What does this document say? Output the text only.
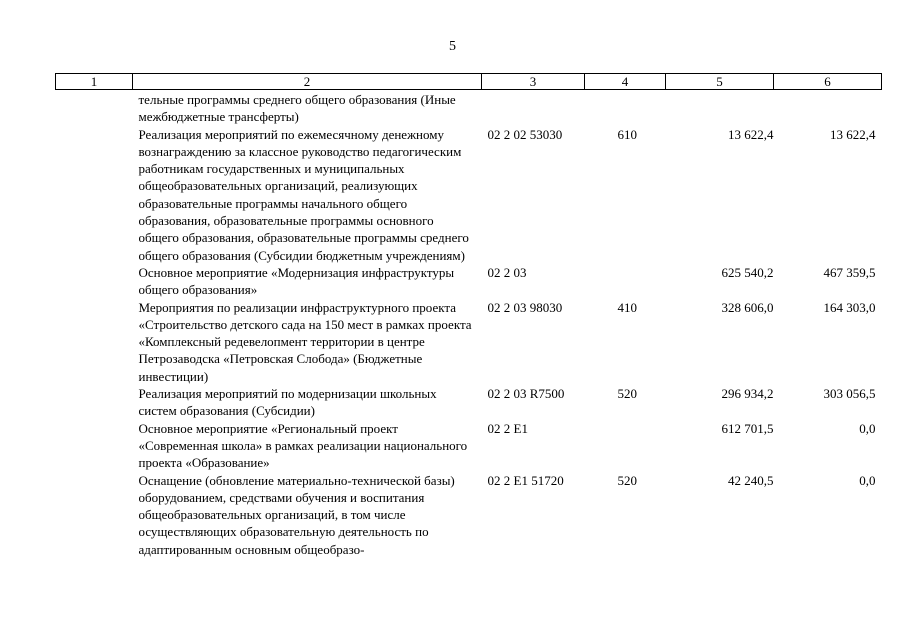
5
1	2	3	4	5	6
	тельные программы среднего общего образования (Иные межбюджетные трансферты)				
	Реализация мероприятий по ежемесячному денежному вознаграждению за классное руководство педагогическим работникам государственных и муниципальных общеобразовательных организаций, реализующих образовательные программы начального общего образования, образовательные программы основного общего образования, образовательные программы среднего общего образования (Субсидии бюджетным учреждениям)	02 2 02 53030	610	13 622,4	13 622,4
	Основное мероприятие «Модернизация инфраструктуры общего образования»	02 2 03		625 540,2	467 359,5
	Мероприятия по реализации инфраструктурного проекта «Строительство детского сада на 150 мест в рамках проекта «Комплексный редевелопмент территории в центре Петрозаводска «Петровская Слобода» (Бюджетные инвестиции)	02 2 03 98030	410	328 606,0	164 303,0
	Реализация мероприятий по модернизации школьных систем образования (Субсидии)	02 2 03 R7500	520	296 934,2	303 056,5
	Основное мероприятие «Региональный проект «Современная школа» в рамках реализации национального проекта «Образование»	02 2 E1		612 701,5	0,0
	Оснащение (обновление материально-технической базы) оборудованием, средствами обучения и воспитания общеобразовательных организаций, в том числе осуществляющих образовательную деятельность по адаптированным основным общеобразо-	02 2 E1 51720	520	42 240,5	0,0
